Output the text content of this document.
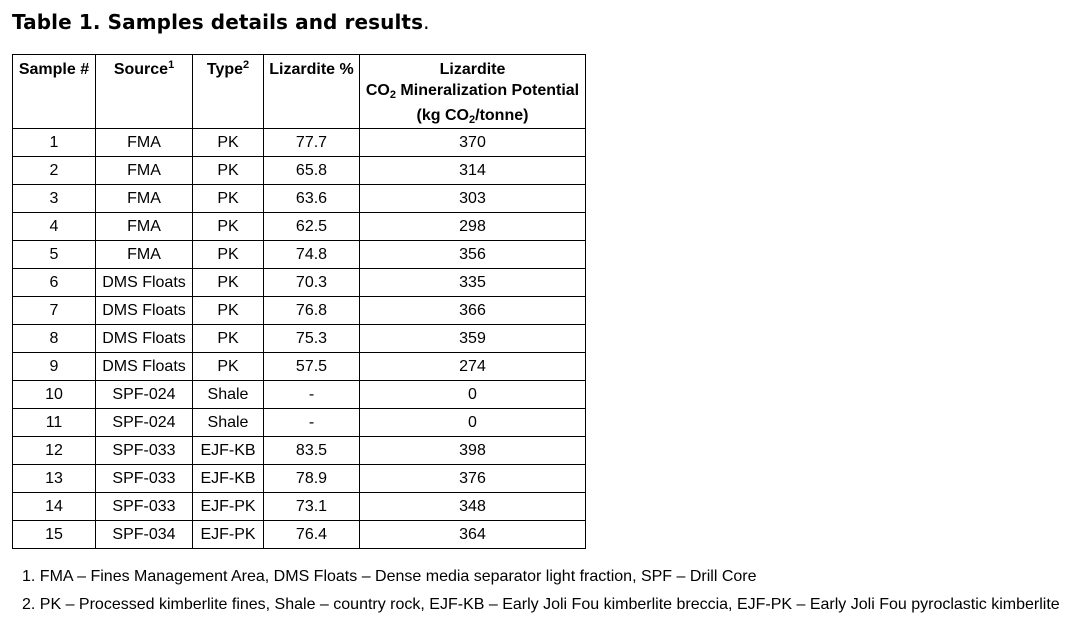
Table 1. Samples details and results.
Sample #	Source$^1$	Type$^2$	Lizardite %	Lizardite
$CO_2$ Mineralization Potential
(kg $CO_2/tonne$)

1	FMA	PK	77.7	370
2	FMA	PK	65.8	314
3	FMA	PK	63.6	303
4	FMA	PK	62.5	298
5	FMA	PK	74.8	356
6	DMS Floats	PK	70.3	335
7	DMS Floats	PK	76.8	366
8	DMS Floats	PK	75.3	359
9	DMS Floats	PK	57.5	274
10	SPF-024	Shale	-	0
11	SPF-024	Shale	-	0
12	SPF-033	EJF-KB	83.5	398
13	SPF-033	EJF-KB	78.9	376
14	SPF-033	EJF-PK	73.1	348
15	SPF-034	EJF-PK	76.4	364
1. FMA – Fines Management Area, DMS Floats – Dense media separator light fraction, SPF – Drill Core
2. PK – Processed kimberlite fines, Shale – country rock, EJF-KB – Early Joli Fou kimberlite breccia, EJF-PK – Early Joli Fou pyroclastic kimberlite
